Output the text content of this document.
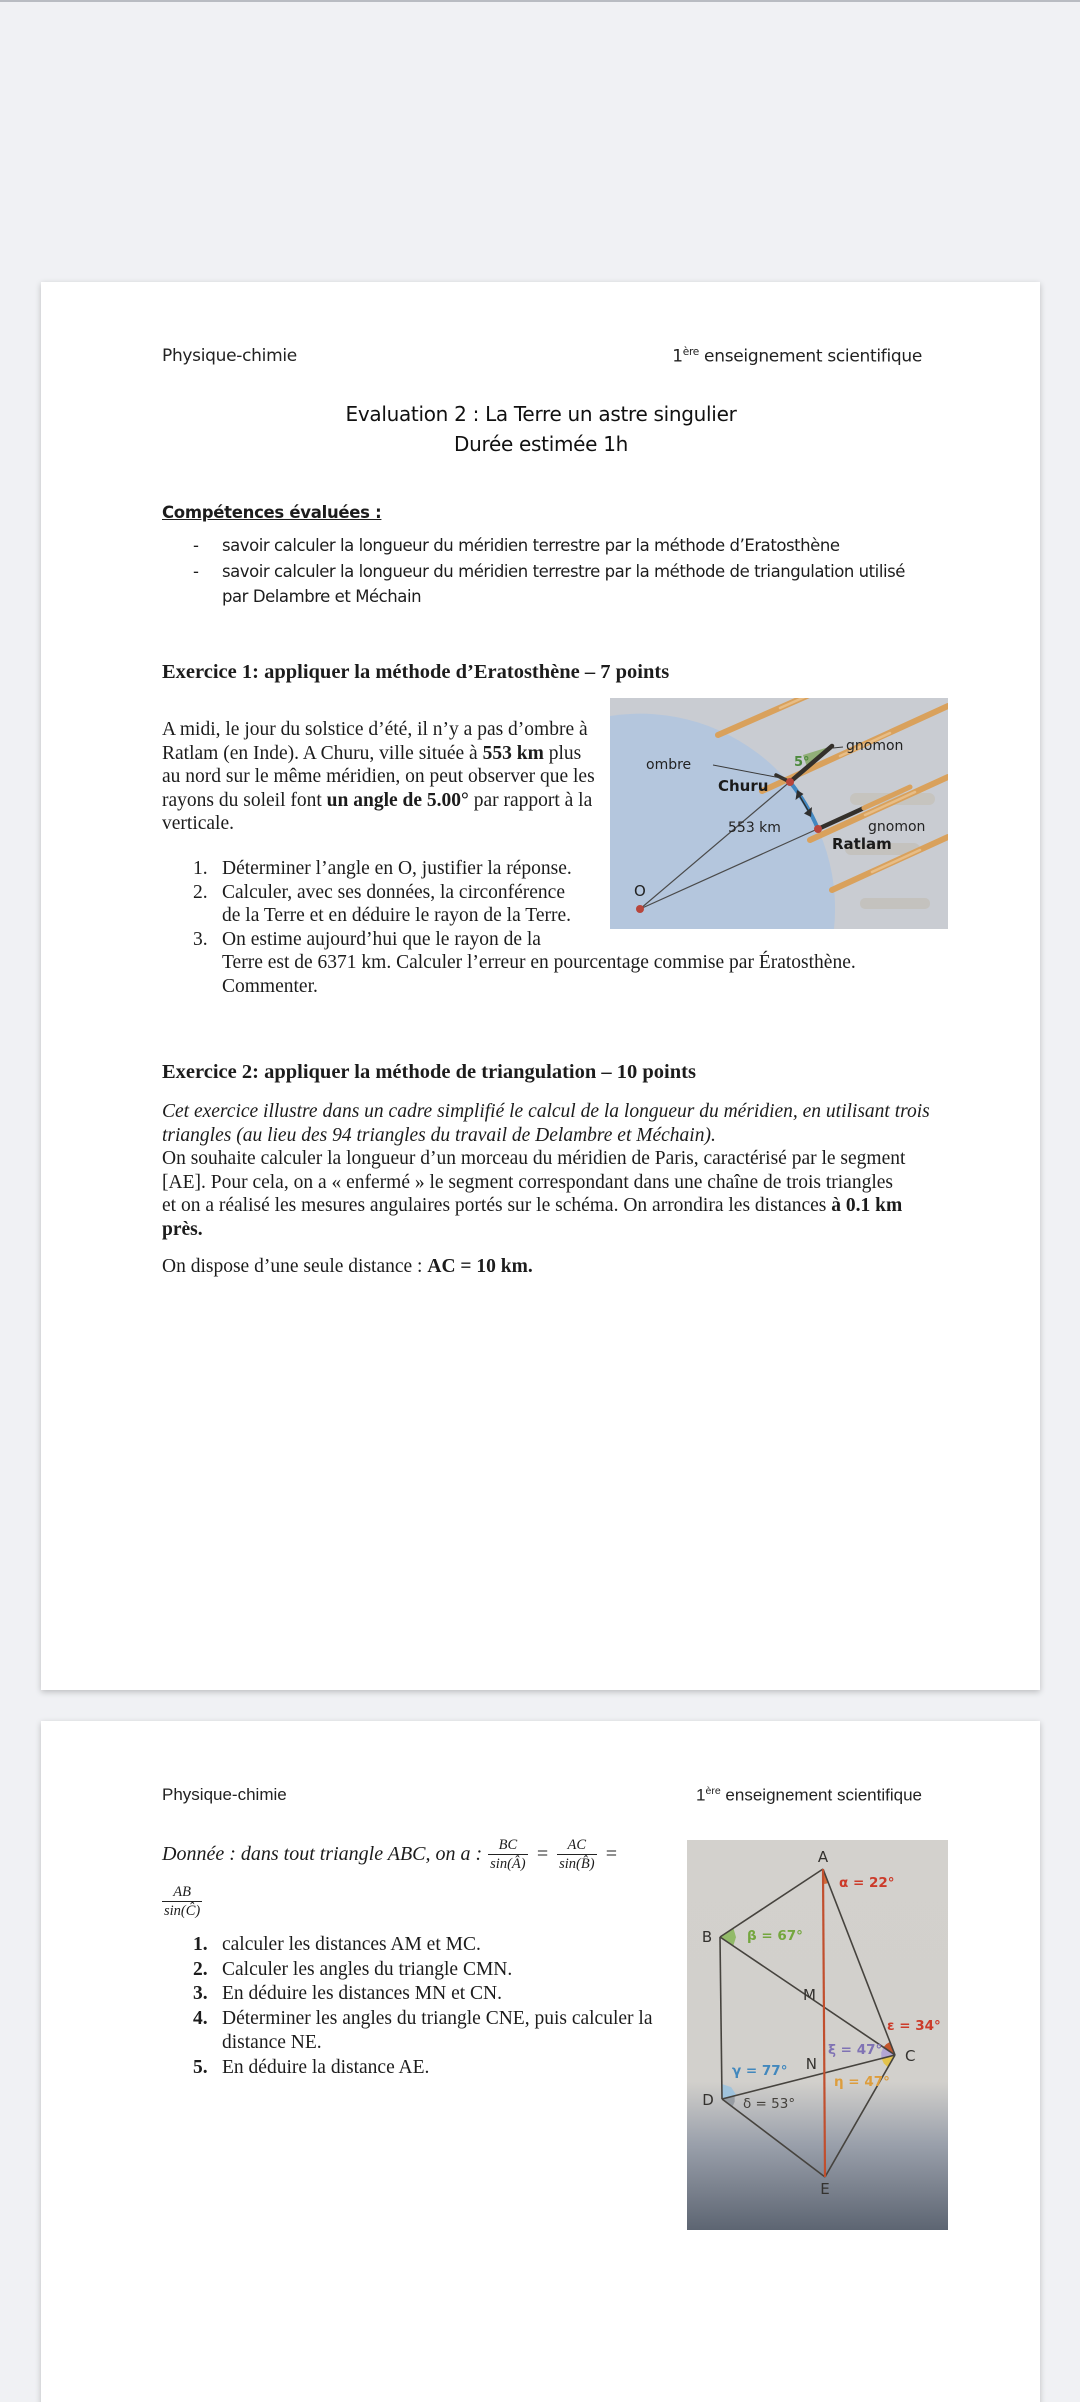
Physique-chimie	1ère enseignement scientifique
Evaluation 2 : La Terre un astre singulier
Durée estimée 1h
Compétences évaluées :
-	savoir calculer la longueur du méridien terrestre par la méthode d’Eratosthène
-	savoir calculer la longueur du méridien terrestre par la méthode de triangulation utilisé
par Delambre et Méchain
Exercice 1: appliquer la méthode d’Eratosthène – 7 points
ombre
Churu
5°
gnomon
553 km	gnomon
Ratlam
O
A midi, le jour du solstice d’été, il n’y a pas d’ombre à
Ratlam (en Inde). A Churu, ville située à 553 km plus
au nord sur le même méridien, on peut observer que les
rayons du soleil font un angle de 5.00° par rapport à la
verticale.
1. Déterminer l’angle en O, justifier la réponse.
2. Calculer, avec ses données, la circonférence
de la Terre et en déduire le rayon de la Terre.
3. On estime aujourd’hui que le rayon de la
Terre est de 6371 km. Calculer l’erreur en pourcentage commise par Ératosthène.
Commenter.
Exercice 2: appliquer la méthode de triangulation – 10 points
Cet exercice illustre dans un cadre simplifié le calcul de la longueur du méridien, en utilisant trois
triangles (au lieu des 94 triangles du travail de Delambre et Méchain).
On souhaite calculer la longueur d’un morceau du méridien de Paris, caractérisé par le segment
[AE]. Pour cela, on a « enfermé » le segment correspondant dans une chaîne de trois triangles
et on a réalisé les mesures angulaires portés sur le schéma. On arrondira les distances à 0.1 km
près.
On dispose d’une seule distance : AC = 10 km.
Physique-chimie	1ère enseignement scientifique
Donnée : dans tout triangle ABC, on a : $\frac{BC}{\sin(Â)} = \frac{AC}{\sin(B̂)}$ =
$\frac{AB}{\sin(Ĉ)}$
1. calculer les distances AM et MC.
2. Calculer les angles du triangle CMN.
3. En déduire les distances MN et CN.
4. Déterminer les angles du triangle CNE, puis calculer la
distance NE.
5. En déduire la distance AE.
A
B
M
C
N
D
E
α = 22°
β = 67°
γ = 77°
δ = 53°
ε = 34°
ξ = 47°
η = 47°
